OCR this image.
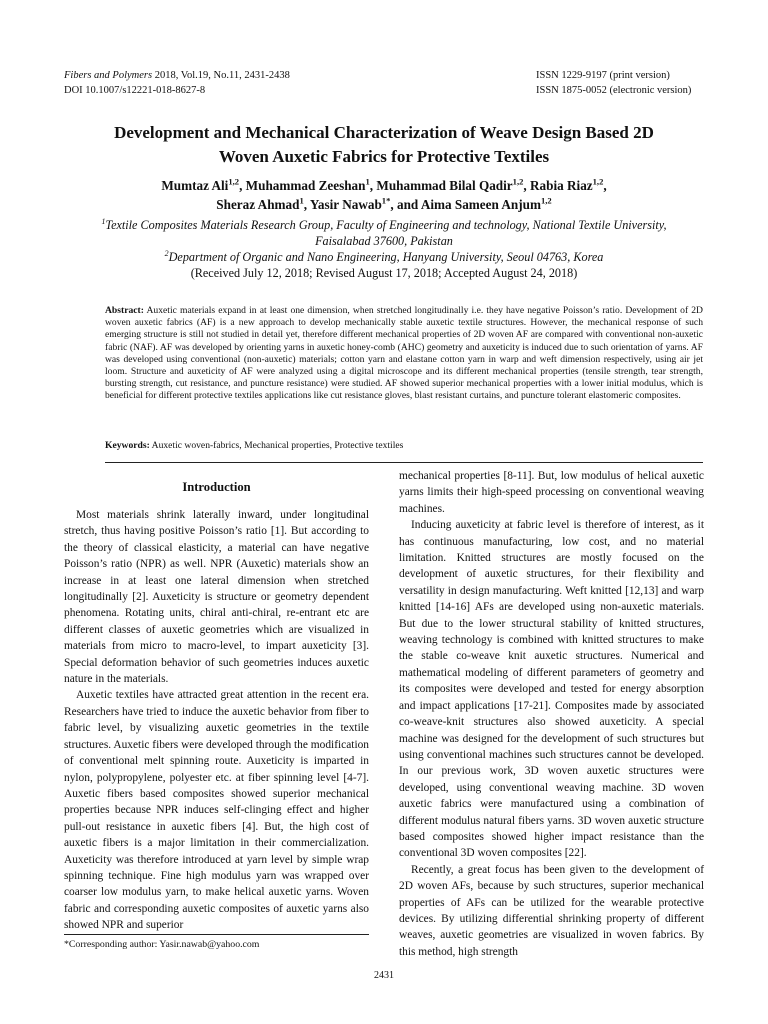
Fibers and Polymers 2018, Vol.19, No.11, 2431-2438
DOI 10.1007/s12221-018-8627-8
ISSN 1229-9197 (print version)
ISSN 1875-0052 (electronic version)
Development and Mechanical Characterization of Weave Design Based 2D
Woven Auxetic Fabrics for Protective Textiles
Mumtaz Ali$^{1,2}$, Muhammad Zeeshan$^1$, Muhammad Bilal Qadir$^{1,2}$, Rabia Riaz$^{1,2}$,
Sheraz Ahmad$^1$, Yasir Nawab$^{1*}$, and Aima Sameen Anjum$^{1,2}$
$^1$Textile Composites Materials Research Group, Faculty of Engineering and technology, National Textile University,
Faisalabad 37600, Pakistan
$^2$Department of Organic and Nano Engineering, Hanyang University, Seoul 04763, Korea
(Received July 12, 2018; Revised August 17, 2018; Accepted August 24, 2018)
Abstract: Auxetic materials expand in at least one dimension, when stretched longitudinally i.e. they have negative Poisson’s ratio. Development of 2D woven auxetic fabrics (AF) is a new approach to develop mechanically stable auxetic textile structures. However, the mechanical response of such emerging structure is still not studied in detail yet, therefore different mechanical properties of 2D woven AF are compared with conventional non-auxetic fabric (NAF). AF was developed by orienting yarns in auxetic honey-comb (AHC) geometry and auxeticity is induced due to such orientation of yarns. AF was developed using conventional (non-auxetic) materials; cotton yarn and elastane cotton yarn in warp and weft dimension respectively, using air jet loom. Structure and auxeticity of AF were analyzed using a digital microscope and its different mechanical properties (tensile strength, tear strength, bursting strength, cut resistance, and puncture resistance) were studied. AF showed superior mechanical properties with a lower initial modulus, which is beneficial for different protective textiles applications like cut resistance gloves, blast resistant curtains, and puncture tolerant elastomeric composites.
Keywords: Auxetic woven-fabrics, Mechanical properties, Protective textiles
Introduction

Most materials shrink laterally inward, under longitudinal stretch, thus having positive Poisson’s ratio [1]. But according to the theory of classical elasticity, a material can have negative Poisson’s ratio (NPR) as well. NPR (Auxetic) materials show an increase in at least one lateral dimension when stretched longitudinally [2]. Auxeticity is structure or geometry dependent phenomena. Rotating units, chiral anti-chiral, re-entrant etc are different classes of auxetic geometries which are visualized in materials from micro to macro-level, to impart auxeticity [3]. Special deformation behavior of such geometries induces auxetic nature in the materials.

Auxetic textiles have attracted great attention in the recent era. Researchers have tried to induce the auxetic behavior from fiber to fabric level, by visualizing auxetic geometries in the textile structures. Auxetic fibers were developed through the modification of conventional melt spinning route. Auxeticity is imparted in nylon, polypropylene, polyester etc. at fiber spinning level [4-7]. Auxetic fibers based composites showed superior mechanical properties because NPR induces self-clinging effect and higher pull-out resistance in auxetic fibers [4]. But, the high cost of auxetic fibers is a major limitation in their commercialization. Auxeticity was therefore introduced at yarn level by simple wrap spinning technique. Fine high modulus yarn was wrapped over coarser low modulus yarn, to make helical auxetic yarns. Woven fabric and corresponding auxetic composites of auxetic yarns also showed NPR and superior

mechanical properties [8-11]. But, low modulus of helical auxetic yarns limits their high-speed processing on conventional weaving machines.

Inducing auxeticity at fabric level is therefore of interest, as it has continuous manufacturing, low cost, and no material limitation. Knitted structures are mostly focused on the development of auxetic structures, for their flexibility and versatility in design manufacturing. Weft knitted [12,13] and warp knitted [14-16] AFs are developed using non-auxetic materials. But due to the lower structural stability of knitted structures, weaving technology is combined with knitted structures to make the stable co-weave knit auxetic structures. Numerical and mathematical modeling of different parameters of geometry and its composites were developed and tested for energy absorption and impact applications [17-21]. Composites made by associated co-weave-knit structures also showed auxeticity. A special machine was designed for the development of such structures but using conventional machines such structures cannot be developed. In our previous work, 3D woven auxetic structures were developed, using conventional weaving machine. 3D woven auxetic fabrics were manufactured using a combination of different modulus natural fibers yarns. 3D woven auxetic structure based composites showed higher impact resistance than the conventional 3D woven composites [22].

Recently, a great focus has been given to the development of 2D woven AFs, because by such structures, superior mechanical properties of AFs can be utilized for the wearable protective devices. By utilizing differential shrinking property of different weaves, auxetic geometries are visualized in woven fabrics. By this method, high strength

*Corresponding author: Yasir.nawab@yahoo.com
2431
